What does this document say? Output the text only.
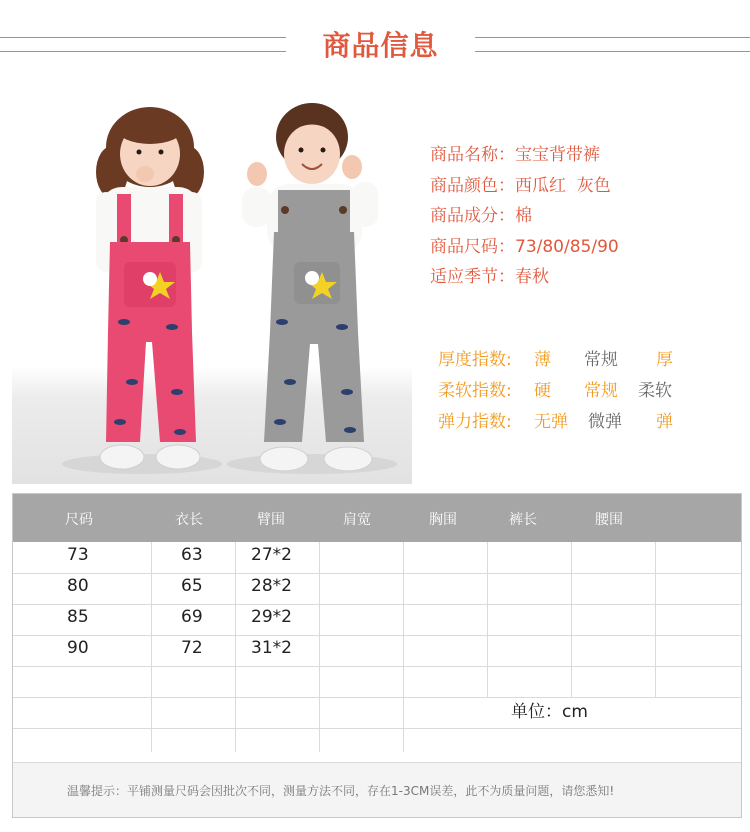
商品信息
商品名称：宝宝背带裤
商品颜色：西瓜红  灰色
商品成分：棉
商品尺码：73/80/85/90
适应季节：春秋
厚度指数: 薄 常规 厚
柔软指数: 硬 常规 柔软
弹力指数: 无弹 微弹 弹
尺码	衣长	臂围	肩宽	胸围	裤长	腰围
73	63	27*2
80	65	28*2
85	69	29*2
90	72	31*2
单位：cm
温馨提示：平铺测量尺码会因批次不同，测量方法不同，存在1-3CM误差，此不为质量问题，请您悉知!
